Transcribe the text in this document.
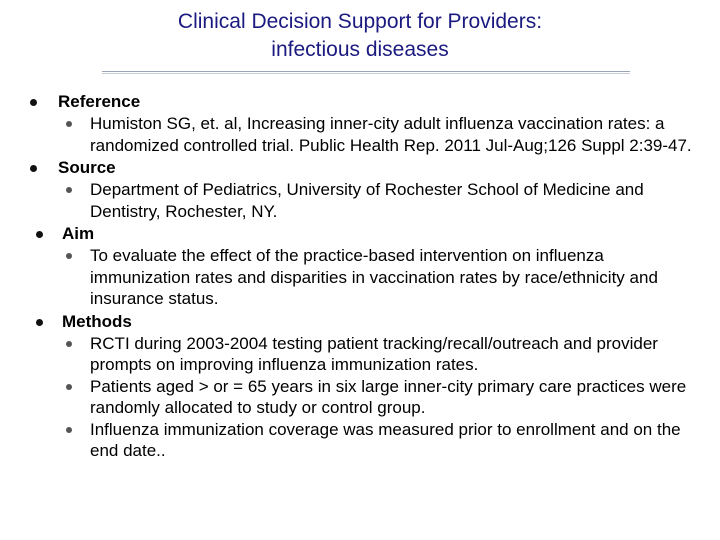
Clinical Decision Support for Providers:
infectious diseases
Reference
Humiston SG, et. al, Increasing inner-city adult influenza vaccination rates: a randomized controlled trial. Public Health Rep. 2011 Jul-Aug;126 Suppl 2:39-47.
Source
Department of Pediatrics, University of Rochester School of Medicine and Dentistry, Rochester, NY.
Aim
To evaluate the effect of the practice-based intervention on influenza immunization rates and disparities in vaccination rates by race/ethnicity and insurance status.
Methods
RCTI during 2003-2004 testing patient tracking/recall/outreach and provider prompts on improving influenza immunization rates.
Patients aged > or = 65 years in six large inner-city primary care practices were randomly allocated to study or control group.
Influenza immunization coverage was measured prior to enrollment and on the end date..
